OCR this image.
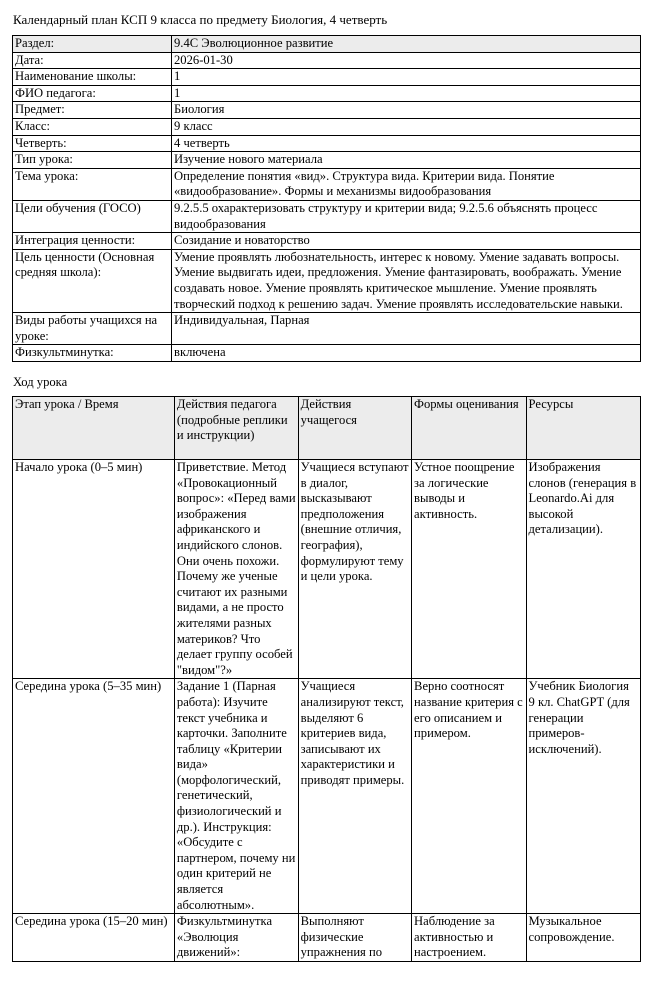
Календарный план КСП 9 класса по предмету Биология, 4 четверть
Раздел:	9.4С Эволюционное развитие
Дата:	2026-01-30
Наименование школы:	1
ФИО педагога:	1
Предмет:	Биология
Класс:	9 класс
Четверть:	4 четверть
Тип урока:	Изучение нового материала
Тема урока:	Определение понятия «вид». Структура вида. Критерии вида. Понятие «видообразование». Формы и механизмы видообразования
Цели обучения (ГОСО)	9.2.5.5 охарактеризовать структуру и критерии вида; 9.2.5.6 объяснять процесс видообразования
Интеграция ценности:	Созидание и новаторство
Цель ценности (Основная средняя школа):	Умение проявлять любознательность, интерес к новому. Умение задавать вопросы. Умение выдвигать идеи, предложения. Умение фантазировать, воображать. Умение создавать новое. Умение проявлять критическое мышление. Умение проявлять творческий подход к решению задач. Умение проявлять исследовательские навыки.
Виды работы учащихся на уроке:	Индивидуальная, Парная
Физкультминутка:	включена
Ход урока
Этап урока / Время	Действия педагога (подробные реплики и инструкции)	Действия учащегося	Формы оценивания	Ресурсы
Начало урока (0–5 мин)	Приветствие. Метод «Провокационный вопрос»: «Перед вами изображения африканского и индийского слонов. Они очень похожи. Почему же ученые считают их разными видами, а не просто жителями разных материков? Что делает группу особей "видом"?»	Учащиеся вступают в диалог, высказывают предположения (внешние отличия, география), формулируют тему и цели урока.	Устное поощрение за логические выводы и активность.	Изображения слонов (генерация в Leonardo.Ai для высокой детализации).
Середина урока (5–35 мин)	Задание 1 (Парная работа): Изучите текст учебника и карточки. Заполните таблицу «Критерии вида» (морфологический, генетический, физиологический и др.). Инструкция: «Обсудите с партнером, почему ни один критерий не является абсолютным».	Учащиеся анализируют текст, выделяют 6 критериев вида, записывают их характеристики и приводят примеры.	Верно соотносят название критерия с его описанием и примером.	Учебник Биология 9 кл. ChatGPT (для генерации примеров-исключений).
Середина урока (15–20 мин)	Физкультминутка «Эволюция движений»:	Выполняют физические упражнения по	Наблюдение за активностью и настроением.	Музыкальное сопровождение.
